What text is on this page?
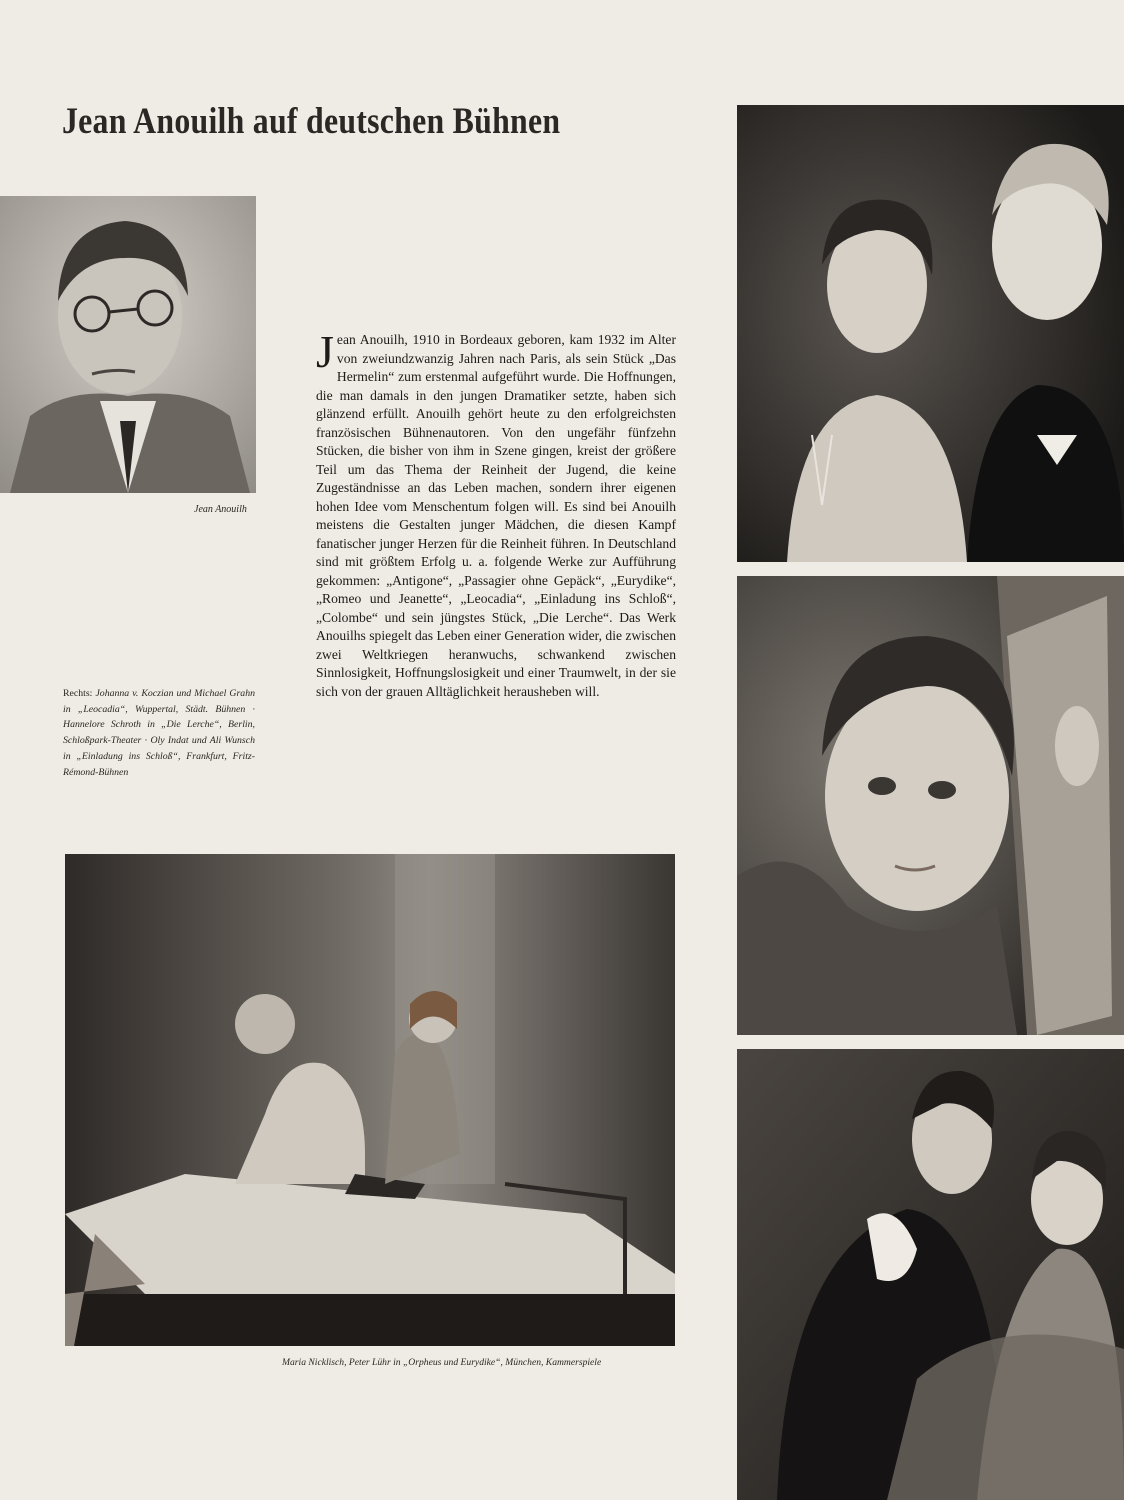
Jean Anouilh auf deutschen Bühnen
Jean Anouilh
Jean Anouilh, 1910 in Bordeaux geboren, kam 1932 im Alter von zweiundzwanzig Jahren nach Paris, als sein Stück „Das Hermelin“ zum erstenmal aufgeführt wurde. Die Hoffnungen, die man damals in den jungen Dramatiker setzte, haben sich glänzend erfüllt. Anouilh gehört heute zu den erfolgreichsten französischen Bühnenautoren. Von den ungefähr fünfzehn Stücken, die bisher von ihm in Szene gingen, kreist der größere Teil um das Thema der Reinheit der Jugend, die keine Zugeständnisse an das Leben machen, sondern ihrer eigenen hohen Idee vom Menschentum folgen will. Es sind bei Anouilh meistens die Gestalten junger Mädchen, die diesen Kampf fanatischer junger Herzen für die Reinheit führen. In Deutschland sind mit größtem Erfolg u. a. folgende Werke zur Aufführung gekommen: „Antigone“, „Passagier ohne Gepäck“, „Eurydike“, „Romeo und Jeanette“, „Leocadia“, „Einladung ins Schloß“, „Colombe“ und sein jüngstes Stück, „Die Lerche“. Das Werk Anouilhs spiegelt das Leben einer Generation wider, die zwischen zwei Weltkriegen heranwuchs, schwankend zwischen Sinnlosigkeit, Hoffnungslosigkeit und einer Traumwelt, in der sie sich von der grauen Alltäglichkeit herausheben will.
Rechts: Johanna v. Koczian und Michael Grahn in „Leocadia“, Wuppertal, Städt. Bühnen · Hannelore Schroth in „Die Lerche“, Berlin, Schloßpark-Theater · Oly Indat und Ali Wunsch in „Einladung ins Schloß“, Frankfurt, Fritz-Rémond-Bühnen
Maria Nicklisch, Peter Lühr in „Orpheus und Eurydike“, München, Kammerspiele
